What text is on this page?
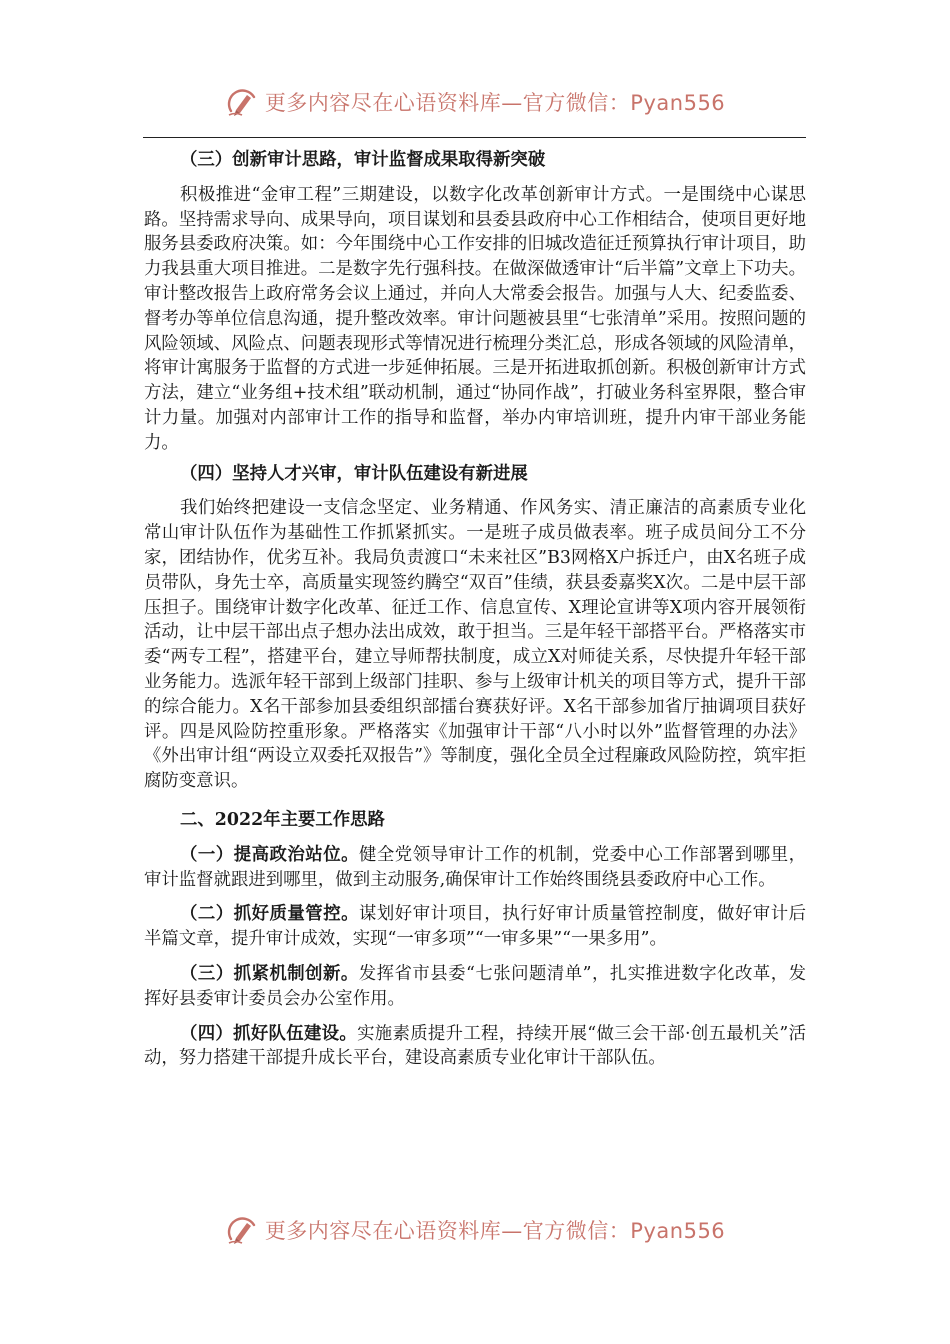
更多内容尽在心语资料库—官方微信：Pyan556

（三）创新审计思路，审计监督成果取得新突破

积极推进“金审工程”三期建设，以数字化改革创新审计方式。一是围绕中心谋思路。坚持需求导向、成果导向，项目谋划和县委县政府中心工作相结合，使项目更好地服务县委政府决策。如：今年围绕中心工作安排的旧城改造征迁预算执行审计项目，助力我县重大项目推进。二是数字先行强科技。在做深做透审计“后半篇”文章上下功夫。审计整改报告上政府常务会议上通过，并向人大常委会报告。加强与人大、纪委监委、督考办等单位信息沟通，提升整改效率。审计问题被县里“七张清单”采用。按照问题的风险领域、风险点、问题表现形式等情况进行梳理分类汇总，形成各领域的风险清单，将审计寓服务于监督的方式进一步延伸拓展。三是开拓进取抓创新。积极创新审计方式方法，建立“业务组+技术组”联动机制，通过“协同作战”，打破业务科室界限，整合审计力量。加强对内部审计工作的指导和监督，举办内审培训班，提升内审干部业务能力。

（四）坚持人才兴审，审计队伍建设有新进展

我们始终把建设一支信念坚定、业务精通、作风务实、清正廉洁的高素质专业化常山审计队伍作为基础性工作抓紧抓实。一是班子成员做表率。班子成员间分工不分家，团结协作，优劣互补。我局负责渡口“未来社区”B3网格X户拆迁户，由X名班子成员带队，身先士卒，高质量实现签约腾空“双百”佳绩，获县委嘉奖X次。二是中层干部压担子。围绕审计数字化改革、征迁工作、信息宣传、X理论宣讲等X项内容开展领衔活动，让中层干部出点子想办法出成效，敢于担当。三是年轻干部搭平台。严格落实市委“两专工程”，搭建平台，建立导师帮扶制度，成立X对师徒关系，尽快提升年轻干部业务能力。选派年轻干部到上级部门挂职、参与上级审计机关的项目等方式，提升干部的综合能力。X名干部参加县委组织部擂台赛获好评。X名干部参加省厅抽调项目获好评。四是风险防控重形象。严格落实《加强审计干部“八小时以外”监督管理的办法》《外出审计组“两设立双委托双报告”》等制度，强化全员全过程廉政风险防控，筑牢拒腐防变意识。

二、2022年主要工作思路

（一）提高政治站位。健全党领导审计工作的机制，党委中心工作部署到哪里，审计监督就跟进到哪里，做到主动服务,确保审计工作始终围绕县委政府中心工作。

（二）抓好质量管控。谋划好审计项目，执行好审计质量管控制度，做好审计后半篇文章，提升审计成效，实现“一审多项”“一审多果”“一果多用”。

（三）抓紧机制创新。发挥省市县委“七张问题清单”，扎实推进数字化改革，发挥好县委审计委员会办公室作用。

（四）抓好队伍建设。实施素质提升工程，持续开展“做三会干部·创五最机关”活动，努力搭建干部提升成长平台，建设高素质专业化审计干部队伍。

更多内容尽在心语资料库—官方微信：Pyan556
